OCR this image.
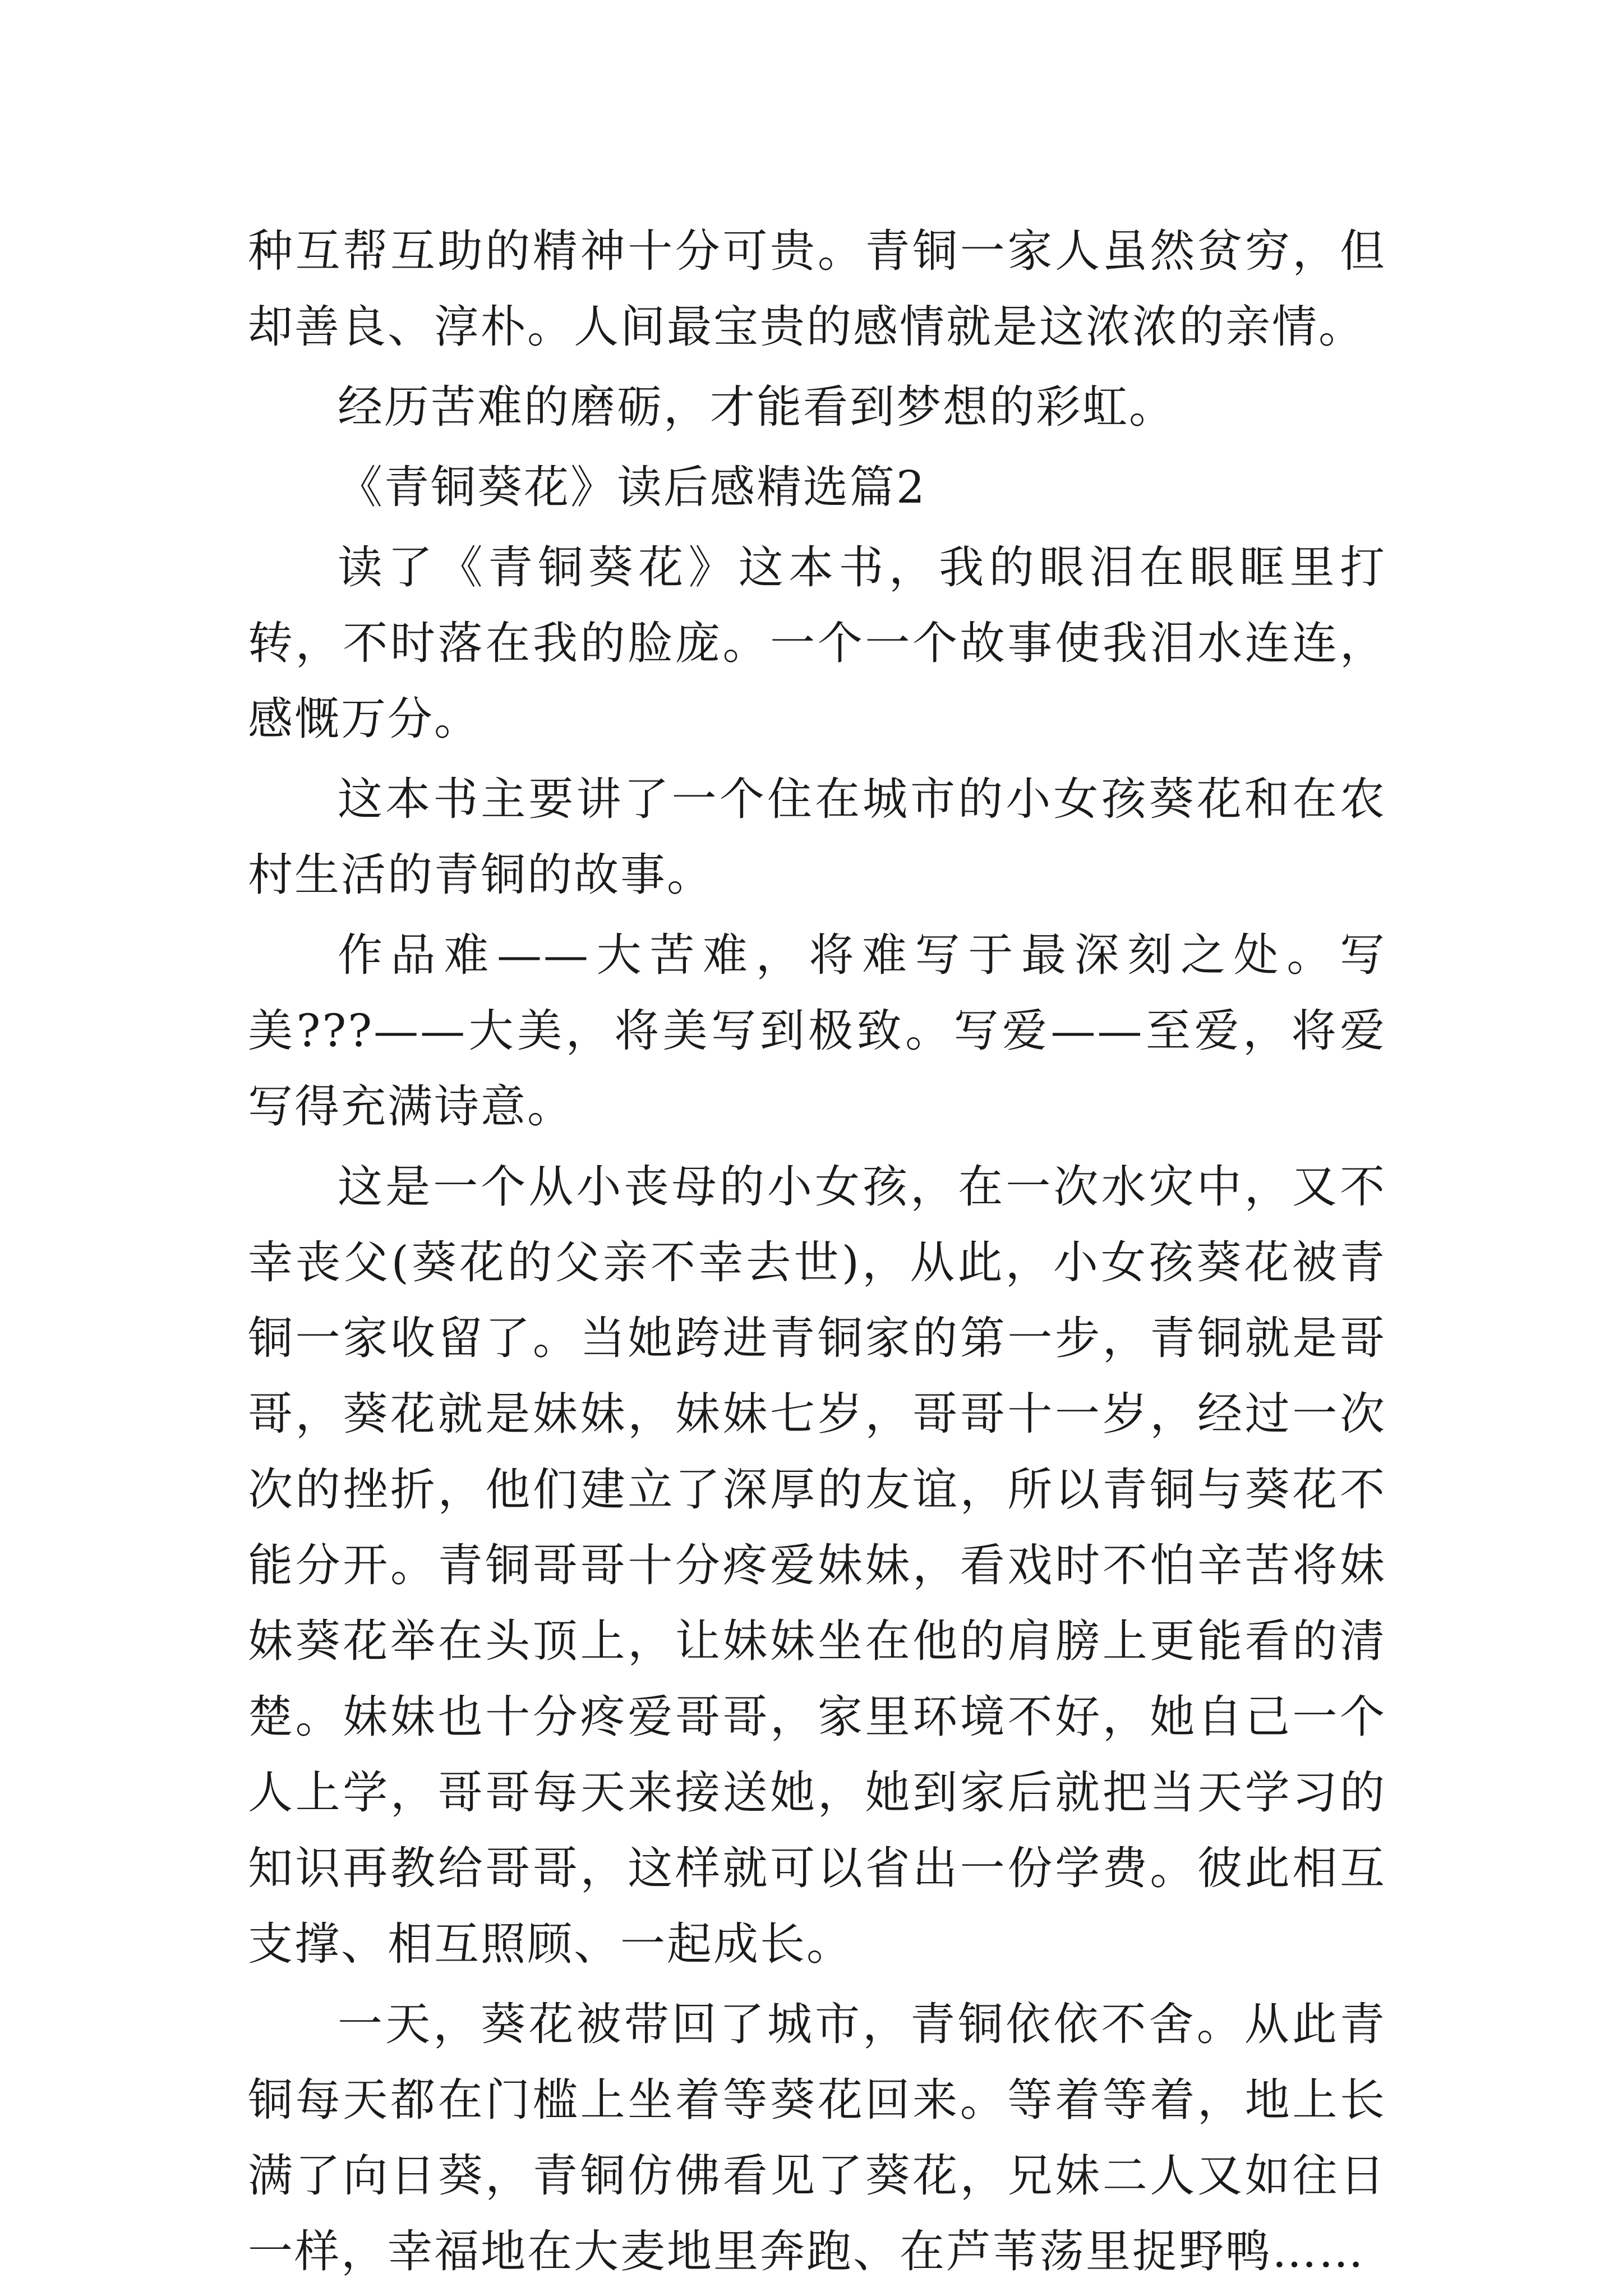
种互帮互助的精神十分可贵。青铜一家人虽然贫穷，但却善良、淳朴。人间最宝贵的感情就是这浓浓的亲情。

经历苦难的磨砺，才能看到梦想的彩虹。

《青铜葵花》读后感精选篇2

读了《青铜葵花》这本书，我的眼泪在眼眶里打转，不时落在我的脸庞。一个一个故事使我泪水连连，感慨万分。

这本书主要讲了一个住在城市的小女孩葵花和在农村生活的青铜的故事。

作品难——大苦难，将难写于最深刻之处。写美???——大美，将美写到极致。写爱——至爱，将爱写得充满诗意。

这是一个从小丧母的小女孩，在一次水灾中，又不幸丧父(葵花的父亲不幸去世)，从此，小女孩葵花被青铜一家收留了。当她跨进青铜家的第一步，青铜就是哥哥，葵花就是妹妹，妹妹七岁，哥哥十一岁，经过一次次的挫折，他们建立了深厚的友谊，所以青铜与葵花不能分开。青铜哥哥十分疼爱妹妹，看戏时不怕辛苦将妹妹葵花举在头顶上，让妹妹坐在他的肩膀上更能看的清楚。妹妹也十分疼爱哥哥，家里环境不好，她自己一个人上学，哥哥每天来接送她，她到家后就把当天学习的知识再教给哥哥，这样就可以省出一份学费。彼此相互支撑、相互照顾、一起成长。

一天，葵花被带回了城市，青铜依依不舍。从此青铜每天都在门槛上坐着等葵花回来。等着等着，地上长满了向日葵，青铜仿佛看见了葵花，兄妹二人又如往日一样，幸福地在大麦地里奔跑、在芦苇荡里捉野鸭……
